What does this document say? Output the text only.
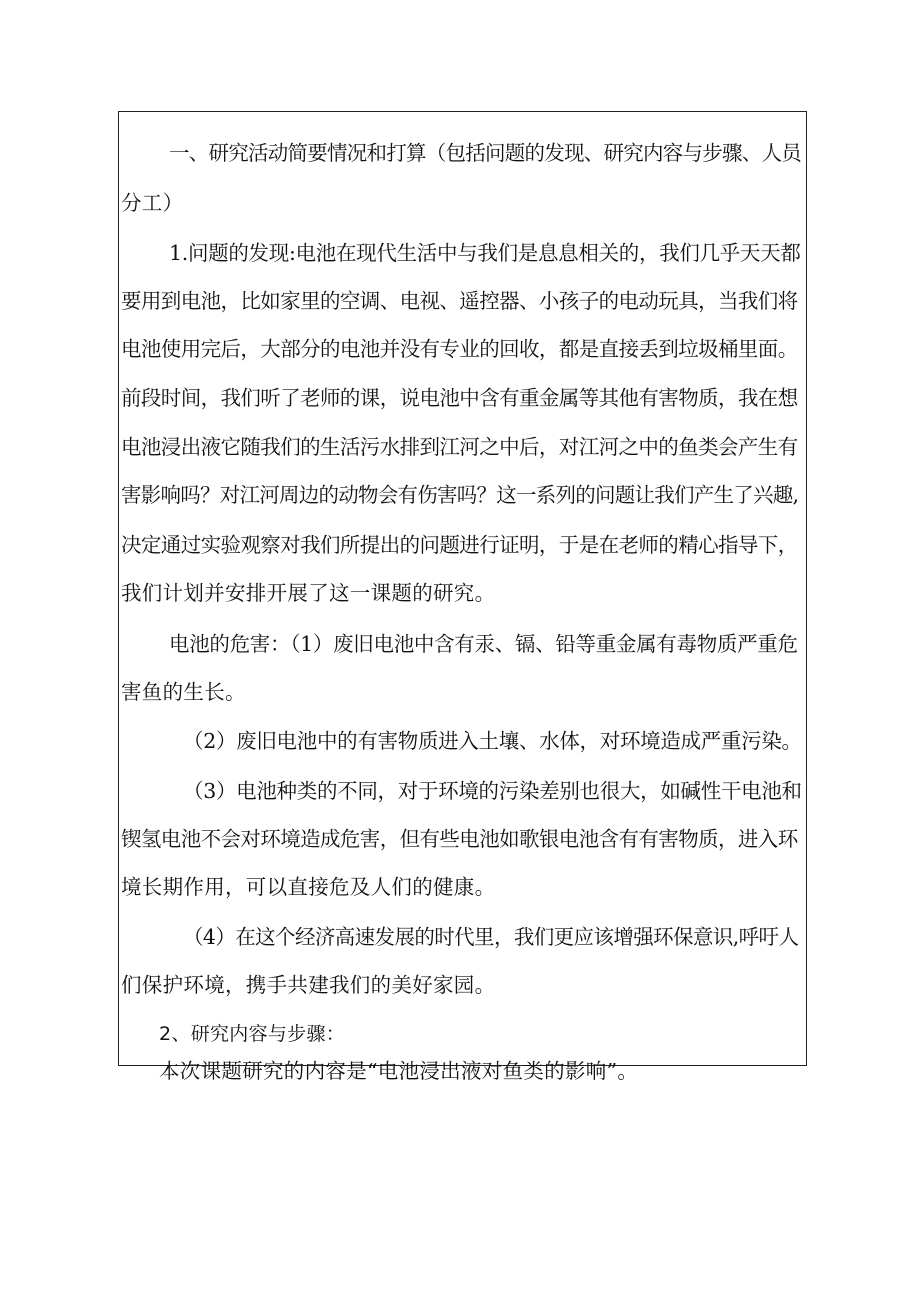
一、研究活动简要情况和打算（包括问题的发现、研究内容与步骤、人员
分工）
1.问题的发现:电池在现代生活中与我们是息息相关的，我们几乎天天都
要用到电池，比如家里的空调、电视、遥控器、小孩子的电动玩具，当我们将
电池使用完后，大部分的电池并没有专业的回收，都是直接丢到垃圾桶里面。
前段时间，我们听了老师的课，说电池中含有重金属等其他有害物质，我在想
电池浸出液它随我们的生活污水排到江河之中后，对江河之中的鱼类会产生有
害影响吗？对江河周边的动物会有伤害吗？这一系列的问题让我们产生了兴趣,
决定通过实验观察对我们所提出的问题进行证明，于是在老师的精心指导下，
我们计划并安排开展了这一课题的研究。
电池的危害：（1）废旧电池中含有汞、镉、铅等重金属有毒物质严重危
害鱼的生长。
（2）废旧电池中的有害物质进入土壤、水体，对环境造成严重污染。
（3）电池种类的不同，对于环境的污染差别也很大，如碱性干电池和
锲氢电池不会对环境造成危害，但有些电池如歌银电池含有有害物质，进入环
境长期作用，可以直接危及人们的健康。
（4）在这个经济高速发展的时代里，我们更应该增强环保意识,呼吁人
们保护环境，携手共建我们的美好家园。
2、研究内容与步骤：
本次课题研究的内容是“电池浸出液对鱼类的影响”。
